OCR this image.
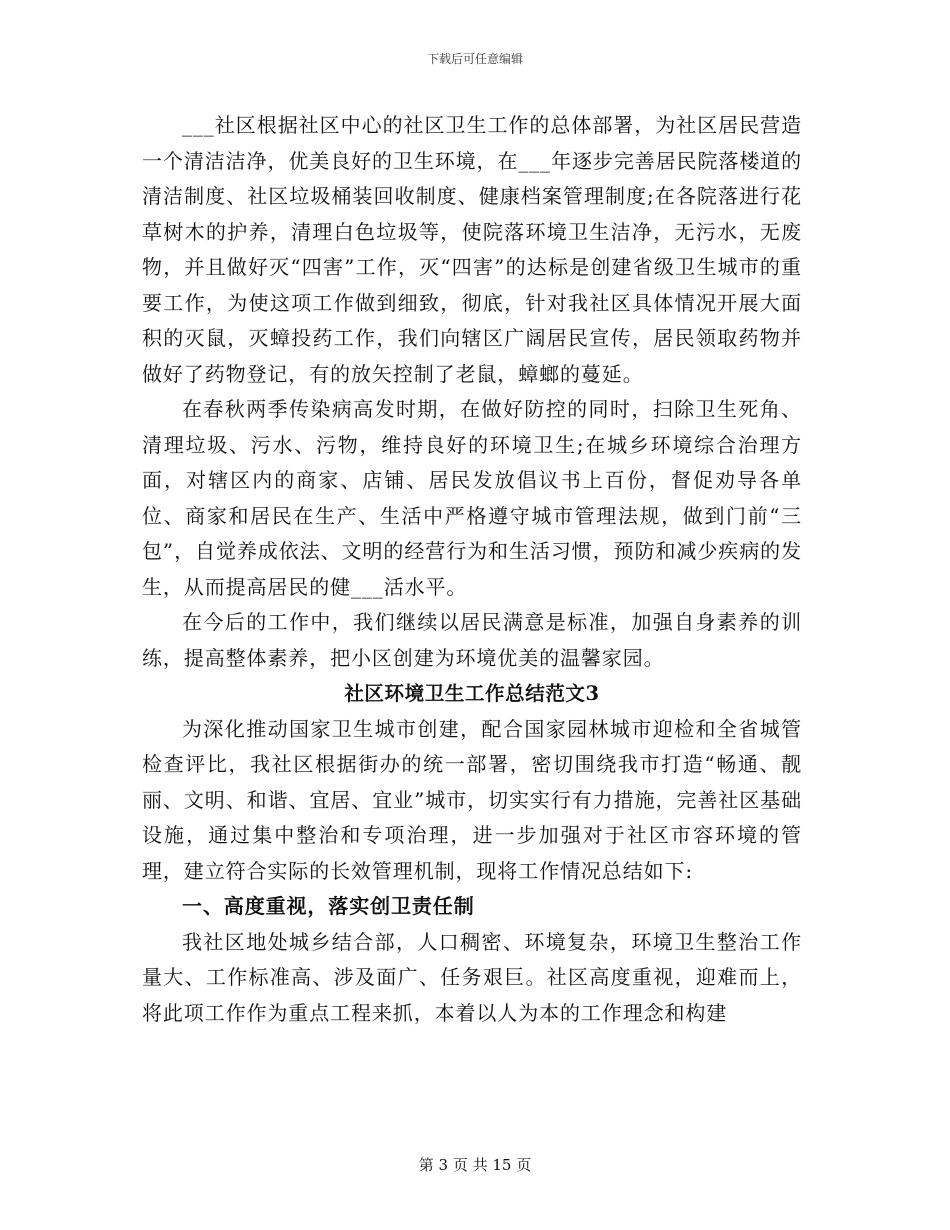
下载后可任意编辑

___社区根据社区中心的社区卫生工作的总体部署，为社区居民营造一个清洁洁净，优美良好的卫生环境，在___年逐步完善居民院落楼道的清洁制度、社区垃圾桶装回收制度、健康档案管理制度;在各院落进行花草树木的护养，清理白色垃圾等，使院落环境卫生洁净，无污水，无废物，并且做好灭“四害”工作，灭“四害”的达标是创建省级卫生城市的重要工作，为使这项工作做到细致，彻底，针对我社区具体情况开展大面积的灭鼠，灭蟑投药工作，我们向辖区广阔居民宣传，居民领取药物并做好了药物登记，有的放矢控制了老鼠，蟑螂的蔓延。

在春秋两季传染病高发时期，在做好防控的同时，扫除卫生死角、清理垃圾、污水、污物，维持良好的环境卫生;在城乡环境综合治理方面，对辖区内的商家、店铺、居民发放倡议书上百份，督促劝导各单位、商家和居民在生产、生活中严格遵守城市管理法规，做到门前“三包”，自觉养成依法、文明的经营行为和生活习惯，预防和减少疾病的发生，从而提高居民的健___活水平。

在今后的工作中，我们继续以居民满意是标准，加强自身素养的训练，提高整体素养，把小区创建为环境优美的温馨家园。

社区环境卫生工作总结范文3

为深化推动国家卫生城市创建，配合国家园林城市迎检和全省城管检查评比，我社区根据街办的统一部署，密切围绕我市打造“畅通、靓丽、文明、和谐、宜居、宜业”城市，切实实行有力措施，完善社区基础设施，通过集中整治和专项治理，进一步加强对于社区市容环境的管理，建立符合实际的长效管理机制，现将工作情况总结如下:

一、高度重视，落实创卫责任制

我社区地处城乡结合部，人口稠密、环境复杂，环境卫生整治工作量大、工作标准高、涉及面广、任务艰巨。社区高度重视，迎难而上，将此项工作作为重点工程来抓，本着以人为本的工作理念和构建

第 3 页 共 15 页
